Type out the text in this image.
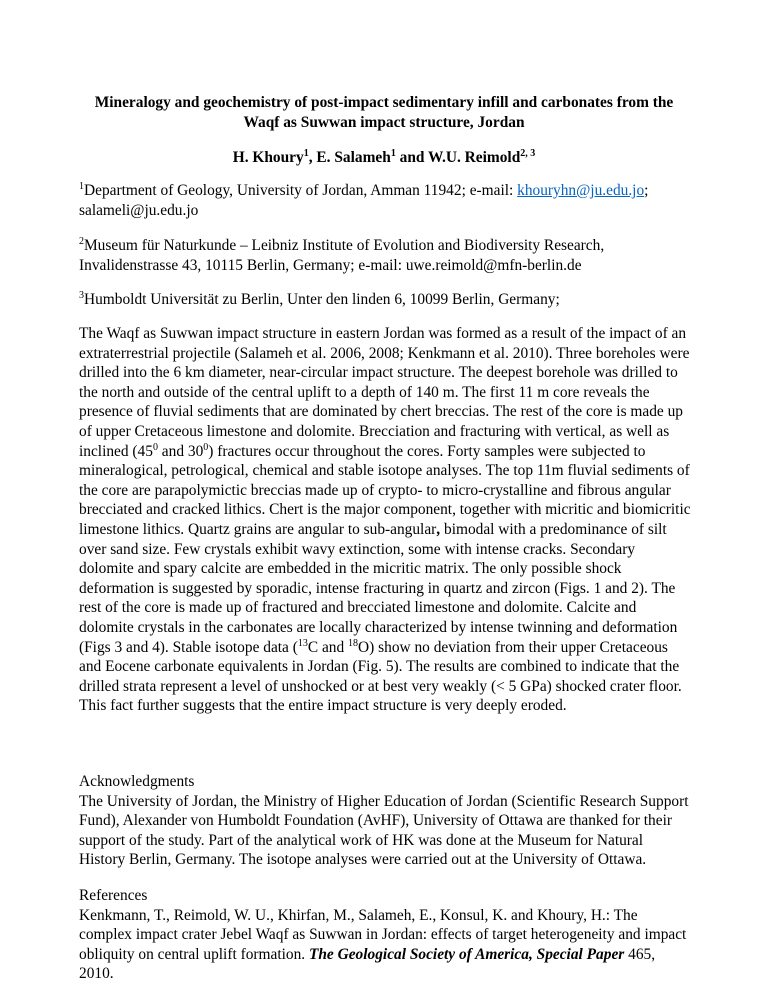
Mineralogy and geochemistry of post-impact sedimentary infill and carbonates from the
Waqf as Suwwan impact structure, Jordan
H. Khoury$^1$, E. Salameh$^1$ and W.U. Reimold$^{2, 3}$
$^1$Department of Geology, University of Jordan, Amman 11942; e-mail: khouryhn@ju.edu.jo;
salameli@ju.edu.jo
$^2$Museum für Naturkunde – Leibniz Institute of Evolution and Biodiversity Research,
Invalidenstrasse 43, 10115 Berlin, Germany; e-mail: uwe.reimold@mfn-berlin.de
$^3$Humboldt Universität zu Berlin, Unter den linden 6, 10099 Berlin, Germany;

The Waqf as Suwwan impact structure in eastern Jordan was formed as a result of the impact of an extraterrestrial projectile (Salameh et al. 2006, 2008; Kenkmann et al. 2010). Three boreholes were drilled into the 6 km diameter, near-circular impact structure. The deepest borehole was drilled to the north and outside of the central uplift to a depth of 140 m. The first 11 m core reveals the presence of fluvial sediments that are dominated by chert breccias. The rest of the core is made up of upper Cretaceous limestone and dolomite. Brecciation and fracturing with vertical, as well as inclined ($45^0$ and $30^0$) fractures occur throughout the cores. Forty samples were subjected to mineralogical, petrological, chemical and stable isotope analyses. The top 11m fluvial sediments of the core are parapolymictic breccias made up of crypto- to micro-crystalline and fibrous angular brecciated and cracked lithics. Chert is the major component, together with micritic and biomicritic limestone lithics. Quartz grains are angular to sub-angular, bimodal with a predominance of silt over sand size. Few crystals exhibit wavy extinction, some with intense cracks. Secondary dolomite and spary calcite are embedded in the micritic matrix. The only possible shock deformation is suggested by sporadic, intense fracturing in quartz and zircon (Figs. 1 and 2). The rest of the core is made up of fractured and brecciated limestone and dolomite. Calcite and dolomite crystals in the carbonates are locally characterized by intense twinning and deformation (Figs 3 and 4). Stable isotope data ($^{13}$C and $^{18}$O) show no deviation from their upper Cretaceous and Eocene carbonate equivalents in Jordan (Fig. 5). The results are combined to indicate that the drilled strata represent a level of unshocked or at best very weakly (< 5 GPa) shocked crater floor. This fact further suggests that the entire impact structure is very deeply eroded.

Acknowledgments
The University of Jordan, the Ministry of Higher Education of Jordan (Scientific Research Support Fund), Alexander von Humboldt Foundation (AvHF), University of Ottawa are thanked for their support of the study. Part of the analytical work of HK was done at the Museum for Natural History Berlin, Germany. The isotope analyses were carried out at the University of Ottawa.
References
Kenkmann, T., Reimold, W. U., Khirfan, M., Salameh, E., Konsul, K. and Khoury, H.: The complex impact crater Jebel Waqf as Suwwan in Jordan: effects of target heterogeneity and impact obliquity on central uplift formation. The Geological Society of America, Special Paper 465, 2010.
